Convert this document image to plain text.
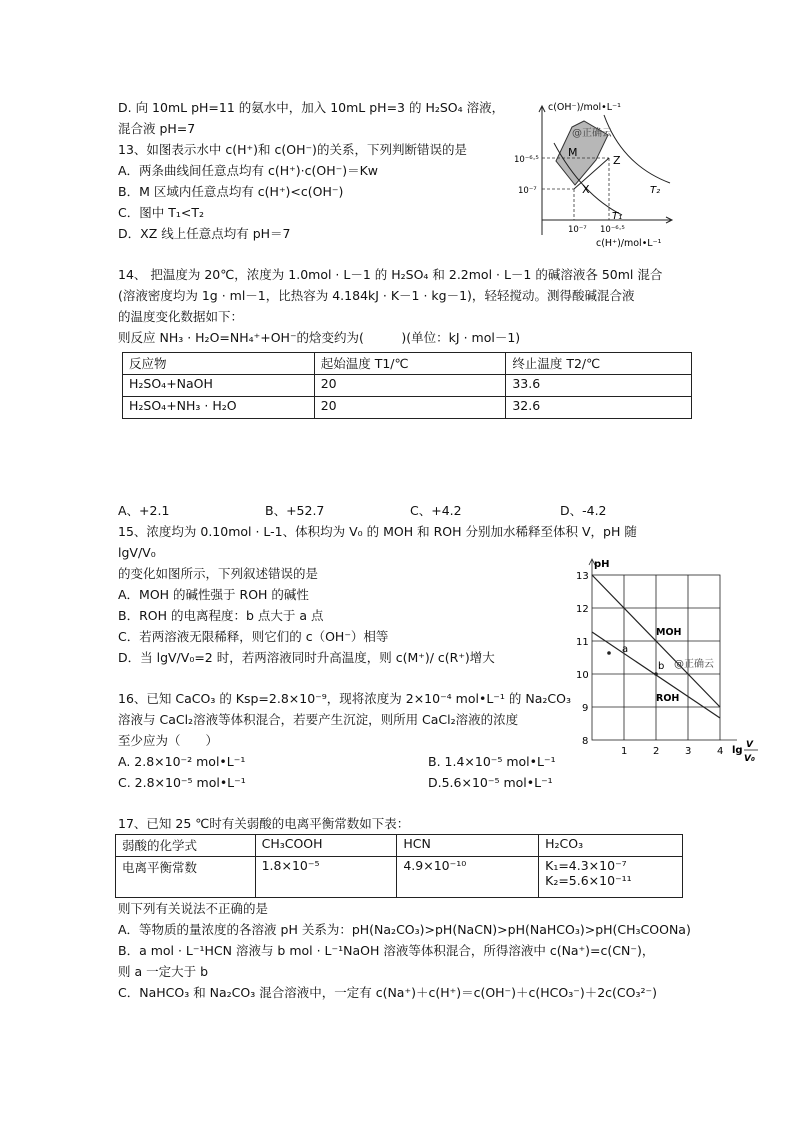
D. 向 10mL pH=11 的氨水中，加入 10mL pH=3 的 H₂SO₄ 溶液，
混合液 pH=7
13、如图表示水中 c(H⁺)和 c(OH⁻)的关系，下列判断错误的是
A．两条曲线间任意点均有 c(H⁺)·c(OH⁻)＝Kw
B．M 区域内任意点均有 c(H⁺)<c(OH⁻)
C．图中 T₁<T₂
D．XZ 线上任意点均有 pH＝7
c(OH⁻)/mol•L⁻¹
10⁻⁶·⁵
10⁻⁷
10⁻⁷ 10⁻⁶·⁵
c(H⁺)/mol•L⁻¹
M
Z
X	T₂
T₁
@正确云
14、 把温度为 20℃，浓度为 1.0mol · L－1 的 H₂SO₄ 和 2.2mol · L－1 的碱溶液各 50ml 混合
(溶液密度均为 1g · ml－1，比热容为 4.184kJ · K－1 · kg－1)，轻轻搅动。测得酸碱混合液
的温度变化数据如下：
则反应 NH₃ · H₂O=NH₄⁺+OH⁻的焓变约为(　　　)(单位：kJ · mol－1)
反应物	起始温度 T1/℃	终止温度 T2/℃
H₂SO₄+NaOH	20	33.6
H₂SO₄+NH₃ · H₂O	20	32.6
A、+2.1	B、+52.7	C、+4.2	D、-4.2
15、浓度均为 0.10mol · L-1、体积均为 V₀ 的 MOH 和 ROH 分别加水稀释至体积 V，pH 随
lgV/V₀
的变化如图所示，下列叙述错误的是
A．MOH 的碱性强于 ROH 的碱性
B．ROH 的电离程度：b 点大于 a 点
C．若两溶液无限稀释，则它们的 c（OH⁻）相等
D．当 lgV/V₀=2 时，若两溶液同时升高温度，则 c(M⁺)/ c(R⁺)增大
pH
13
12
11
10
9
8
1	2	3	4 lg V
V₀
MOH
ROH
a
b @正确云
16、已知 CaCO₃ 的 Ksp=2.8×10⁻⁹，现将浓度为 2×10⁻⁴ mol•L⁻¹ 的 Na₂CO₃
溶液与 CaCl₂溶液等体积混合，若要产生沉淀，则所用 CaCl₂溶液的浓度
至少应为（　　）
A. 2.8×10⁻² mol•L⁻¹	B. 1.4×10⁻⁵ mol•L⁻¹
C. 2.8×10⁻⁵ mol•L⁻¹	D.5.6×10⁻⁵ mol•L⁻¹
17、已知 25 ℃时有关弱酸的电离平衡常数如下表：
弱酸的化学式	CH₃COOH	HCN	H₂CO₃
电离平衡常数	1.8×10⁻⁵	4.9×10⁻¹⁰	K₁=4.3×10⁻⁷
K₂=5.6×10⁻¹¹
则下列有关说法不正确的是
A．等物质的量浓度的各溶液 pH 关系为：pH(Na₂CO₃)>pH(NaCN)>pH(NaHCO₃)>pH(CH₃COONa)
B．a mol · L⁻¹HCN 溶液与 b mol · L⁻¹NaOH 溶液等体积混合，所得溶液中 c(Na⁺)=c(CN⁻)，
则 a 一定大于 b
C．NaHCO₃ 和 Na₂CO₃ 混合溶液中，一定有 c(Na⁺)＋c(H⁺)＝c(OH⁻)＋c(HCO₃⁻)＋2c(CO₃²⁻)
